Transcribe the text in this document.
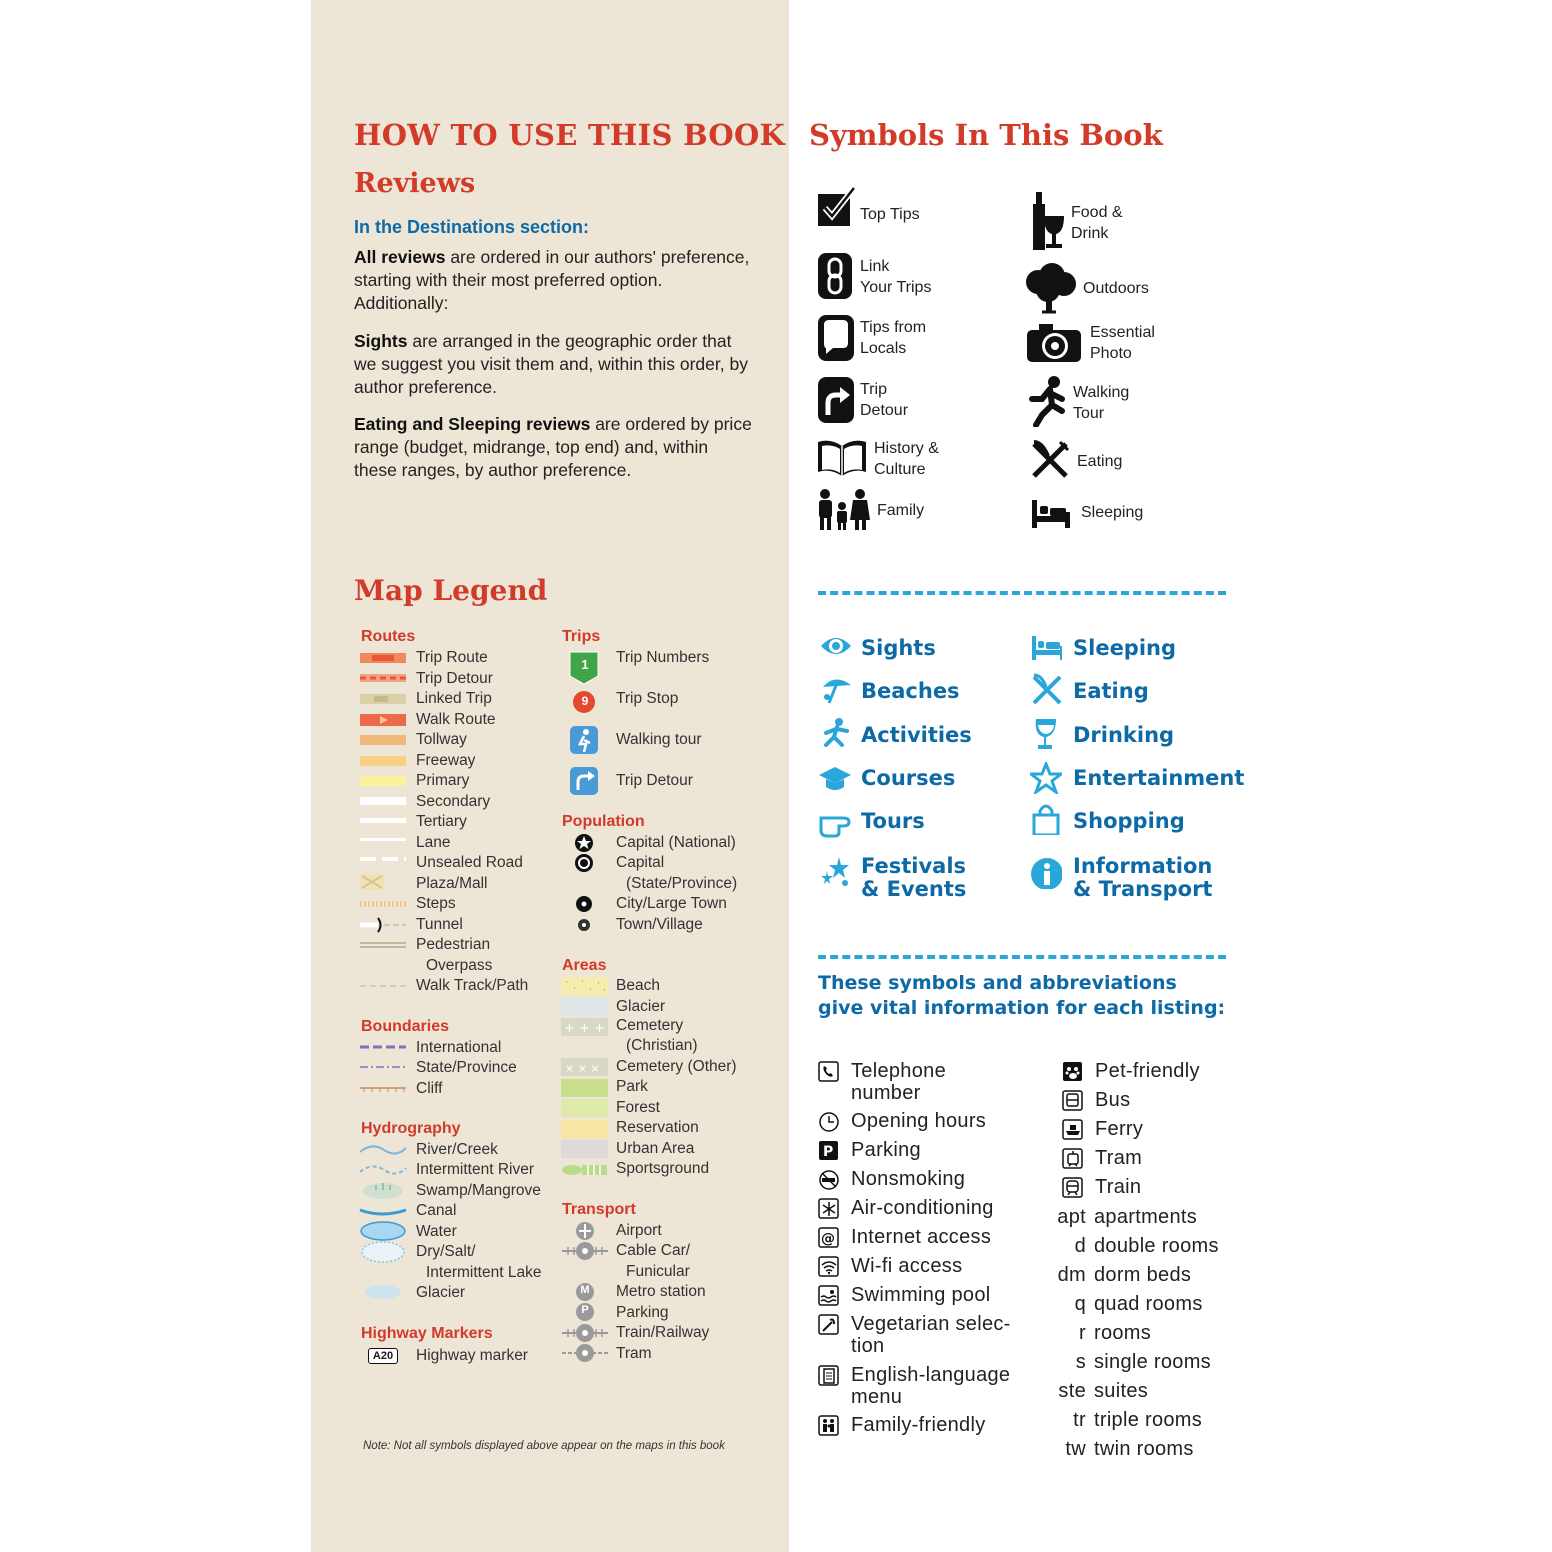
HOW TO USE THIS BOOK
Reviews
In the Destinations section:

All reviews are ordered in our authors' preference, starting with their most preferred option. Additionally:

Sights are arranged in the geographic order that we suggest you visit them and, within this order, by author preference.

Eating and Sleeping reviews are ordered by price range (budget, midrange, top end) and, within these ranges, by author preference.

Map Legend
Routes
Trip Route
Trip Detour
Linked Trip
Walk Route
Tollway
Freeway
Primary
Secondary
Tertiary
Lane
Unsealed Road
Plaza/Mall
Steps
Tunnel
Pedestrian
Overpass
Walk Track/Path
International
State/Province
Cliff
River/Creek
Intermittent River
Swamp/Mangrove
Canal
Water
Dry/Salt/
Intermittent Lake
Glacier
Boundaries
Hydrography
Highway Markers
A20	Highway marker
Trips
1
9
Trip Numbers
Trip Stop
Walking tour
Trip Detour
Population
Capital (National)
Capital
(State/Province)
City/Large Town
Town/Village
Areas
+ + +
× × ×
Beach
Glacier
Cemetery
(Christian)
Cemetery (Other)
Park
Forest
Reservation
Urban Area
Sportsground
Transport
M
P
Airport
Cable Car/
Funicular
Metro station
Parking
Train/Railway
Tram
Note: Not all symbols displayed above appear on the maps in this book
Symbols In This Book
Top Tips
Link
Your Trips
Tips from
Locals
Trip
Detour
History &
Culture
Family
Food &
Drink
Outdoors
Essential
Photo
Walking
Tour
Eating
Sleeping
Sights
Beaches
Activities
Courses
Tours
Festivals
& Events
Sleeping
Eating
Drinking
Entertainment
Shopping
Information
& Transport
These symbols and abbreviations give vital information for each listing:
P
@
Telephone
number
Opening hours
Parking
Nonsmoking
Air-conditioning
Internet access
Wi-fi access
Swimming pool
Vegetarian selec-
tion
English-language
menu
Family-friendly
Pet-friendly
Bus
Ferry
Tram
Train
apt apartments
d double rooms
dm dorm beds
q quad rooms
r rooms
s single rooms
ste suites
tr triple rooms
tw twin rooms
